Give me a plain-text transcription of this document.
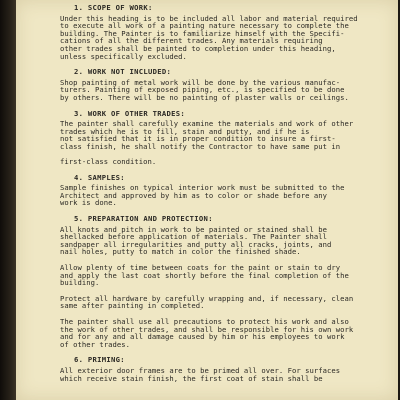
1. SCOPE OF WORK:
Under this heading is to be included all labor and material required
to execute all work of a painting nature necessary to complete the
building. The Painter is to familiarize himself with the Specifi-
cations of all the different trades. Any materials requiring
other trades shall be painted to completion under this heading,
unless specifically excluded.
2. WORK NOT INCLUDED:
Shop painting of metal work will be done by the various manufac-
turers. Painting of exposed piping, etc., is specified to be done
by others. There will be no painting of plaster walls or ceilings.
3. WORK OF OTHER TRADES:
The painter shall carefully examine the materials and work of other
trades which he is to fill, stain and putty, and if he is
not satisfied that it is in proper condition to insure a first-
class finish, he shall notify the Contractor to have same put in

first-class condition.
4. SAMPLES:
Sample finishes on typical interior work must be submitted to the
Architect and approved by him as to color or shade before any
work is done.
5. PREPARATION AND PROTECTION:
All knots and pitch in work to be painted or stained shall be
shellacked before application of materials. The Painter shall
sandpaper all irregularities and putty all cracks, joints, and
nail holes, putty to match in color the finished shade.
Allow plenty of time between coats for the paint or stain to dry
and apply the last coat shortly before the final completion of the
building.
Protect all hardware by carefully wrapping and, if necessary, clean
same after painting in completed.
The painter shall use all precautions to protect his work and also
the work of other trades, and shall be responsible for his own work
and for any and all damage caused by him or his employees to work
of other trades.
6. PRIMING:
All exterior door frames are to be primed all over. For surfaces
which receive stain finish, the first coat of stain shall be
